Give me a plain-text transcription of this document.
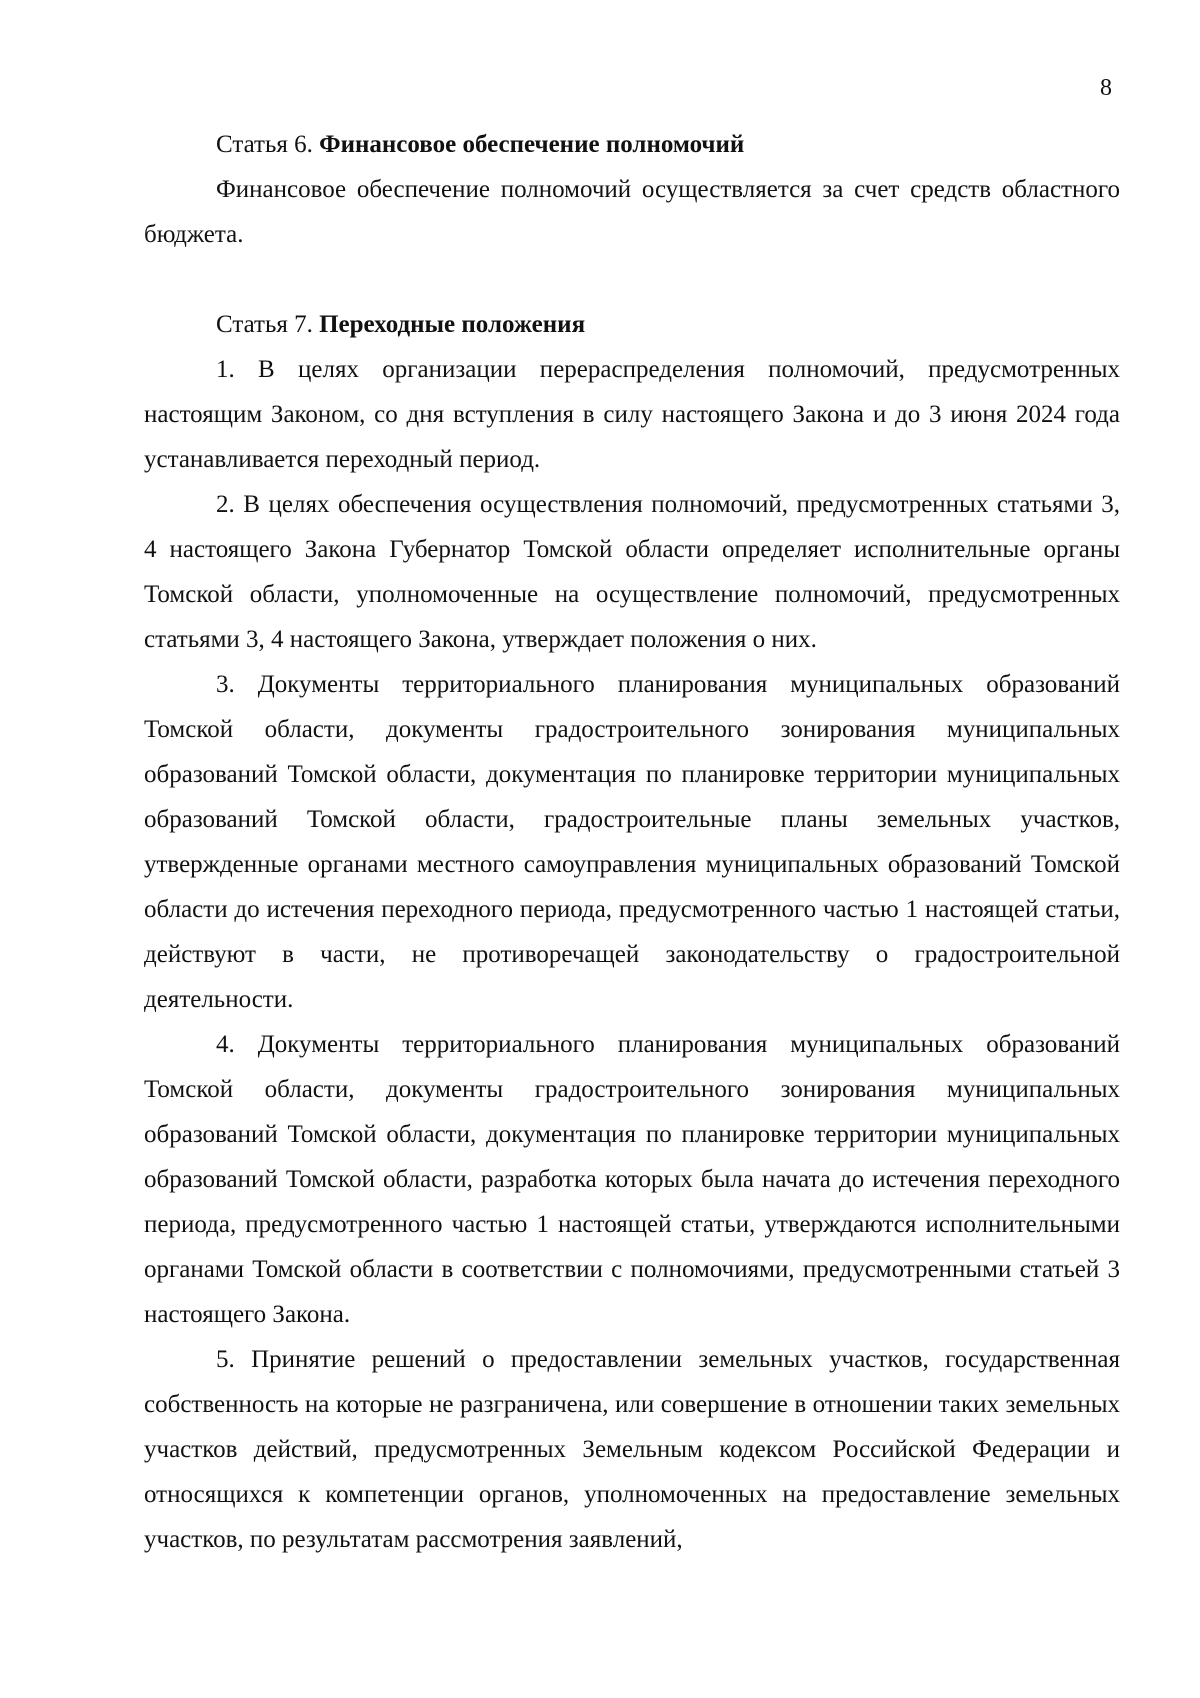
8
Статья 6. Финансовое обеспечение полномочий

Финансовое обеспечение полномочий осуществляется за счет средств областного бюджета.

Статья 7. Переходные положения

1. В целях организации перераспределения полномочий, предусмотренных настоящим Законом, со дня вступления в силу настоящего Закона и до 3 июня 2024 года устанавливается переходный период.

2. В целях обеспечения осуществления полномочий, предусмотренных статьями 3, 4 настоящего Закона Губернатор Томской области определяет исполнительные органы Томской области, уполномоченные на осуществление полномочий, предусмотренных статьями 3, 4 настоящего Закона, утверждает положения о них.

3. Документы территориального планирования муниципальных образований Томской области, документы градостроительного зонирования муниципальных образований Томской области, документация по планировке территории муниципальных образований Томской области, градостроительные планы земельных участков, утвержденные органами местного самоуправления муниципальных образований Томской области до истечения переходного периода, предусмотренного частью 1 настоящей статьи, действуют в части, не противоречащей законодательству о градостроительной деятельности.

4. Документы территориального планирования муниципальных образований Томской области, документы градостроительного зонирования муниципальных образований Томской области, документация по планировке территории муниципальных образований Томской области, разработка которых была начата до истечения переходного периода, предусмотренного частью 1 настоящей статьи, утверждаются исполнительными органами Томской области в соответствии с полномочиями, предусмотренными статьей 3 настоящего Закона.

5. Принятие решений о предоставлении земельных участков, государственная собственность на которые не разграничена, или совершение в отношении таких земельных участков действий, предусмотренных Земельным кодексом Российской Федерации и относящихся к компетенции органов, уполномоченных на предоставление земельных участков, по результатам рассмотрения заявлений,
